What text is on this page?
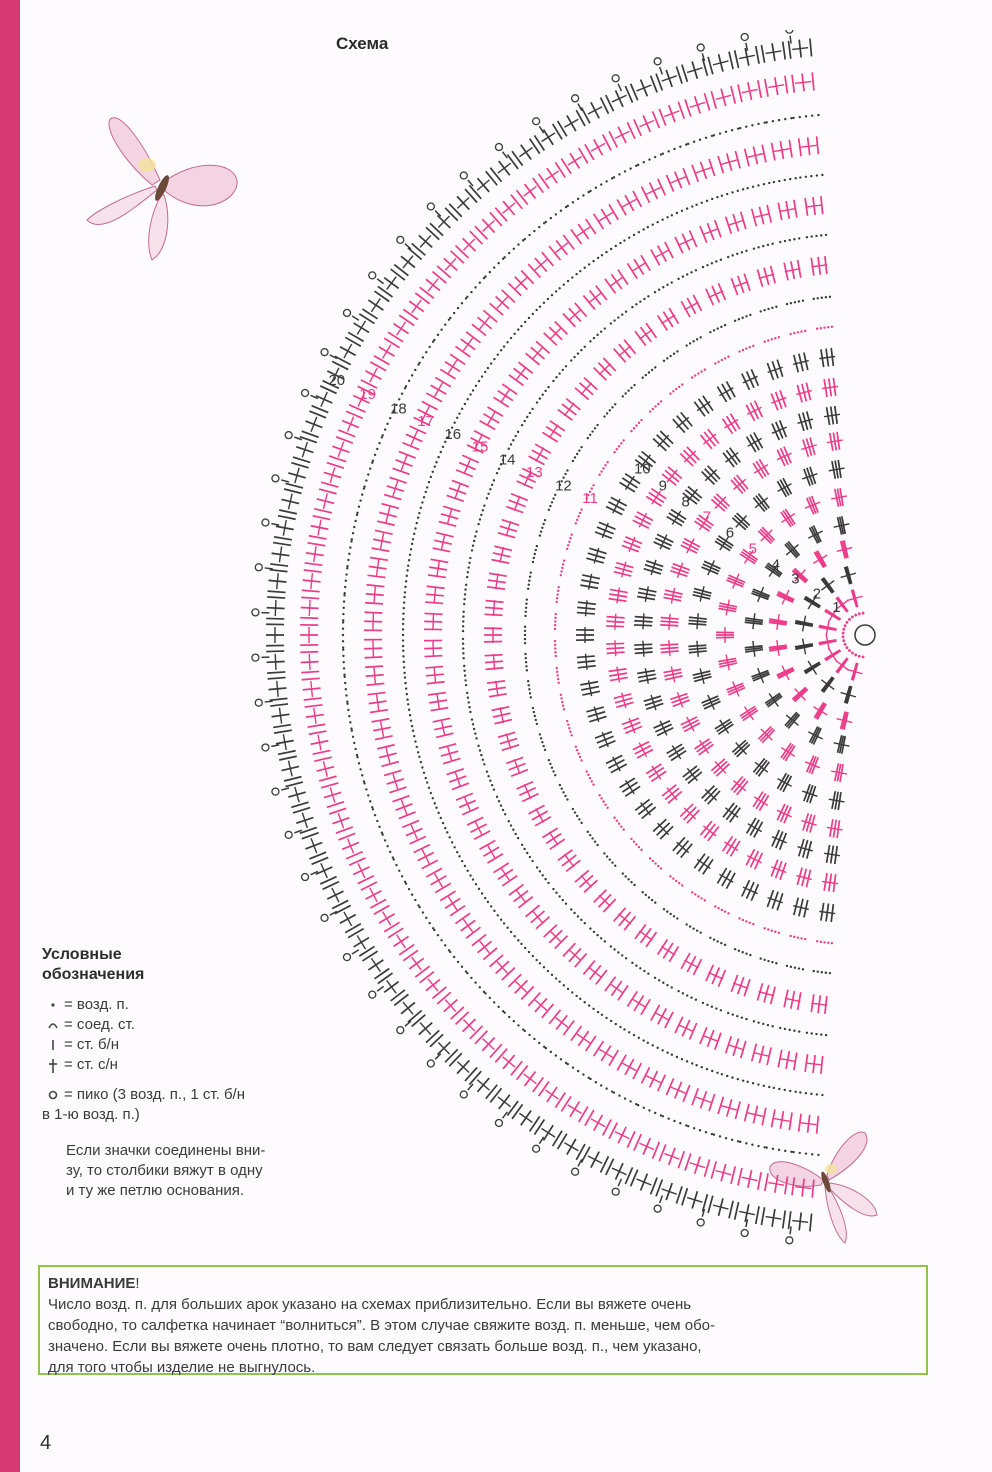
Схема
1
2
3
4
5
6
7
8
9
10
11
12
13
14
15
16
17
18
19
20
Условные
обозначения
= возд. п.
= соед. ст.
= ст. б/н
= ст. с/н
= пико (3 возд. п., 1 ст. б/н
в 1-ю возд. п.)
Если значки соединены вни-
зу, то столбики вяжут в одну
и ту же петлю основания.
ВНИМАНИЕ!
Число возд. п. для больших арок указано на схемах приблизительно. Если вы вяжете очень
свободно, то салфетка начинает “волниться”. В этом случае свяжите возд. п. меньше, чем обо-
значено. Если вы вяжете очень плотно, то вам следует связать больше возд. п., чем указано,
для того чтобы изделие не выгнулось.
4
